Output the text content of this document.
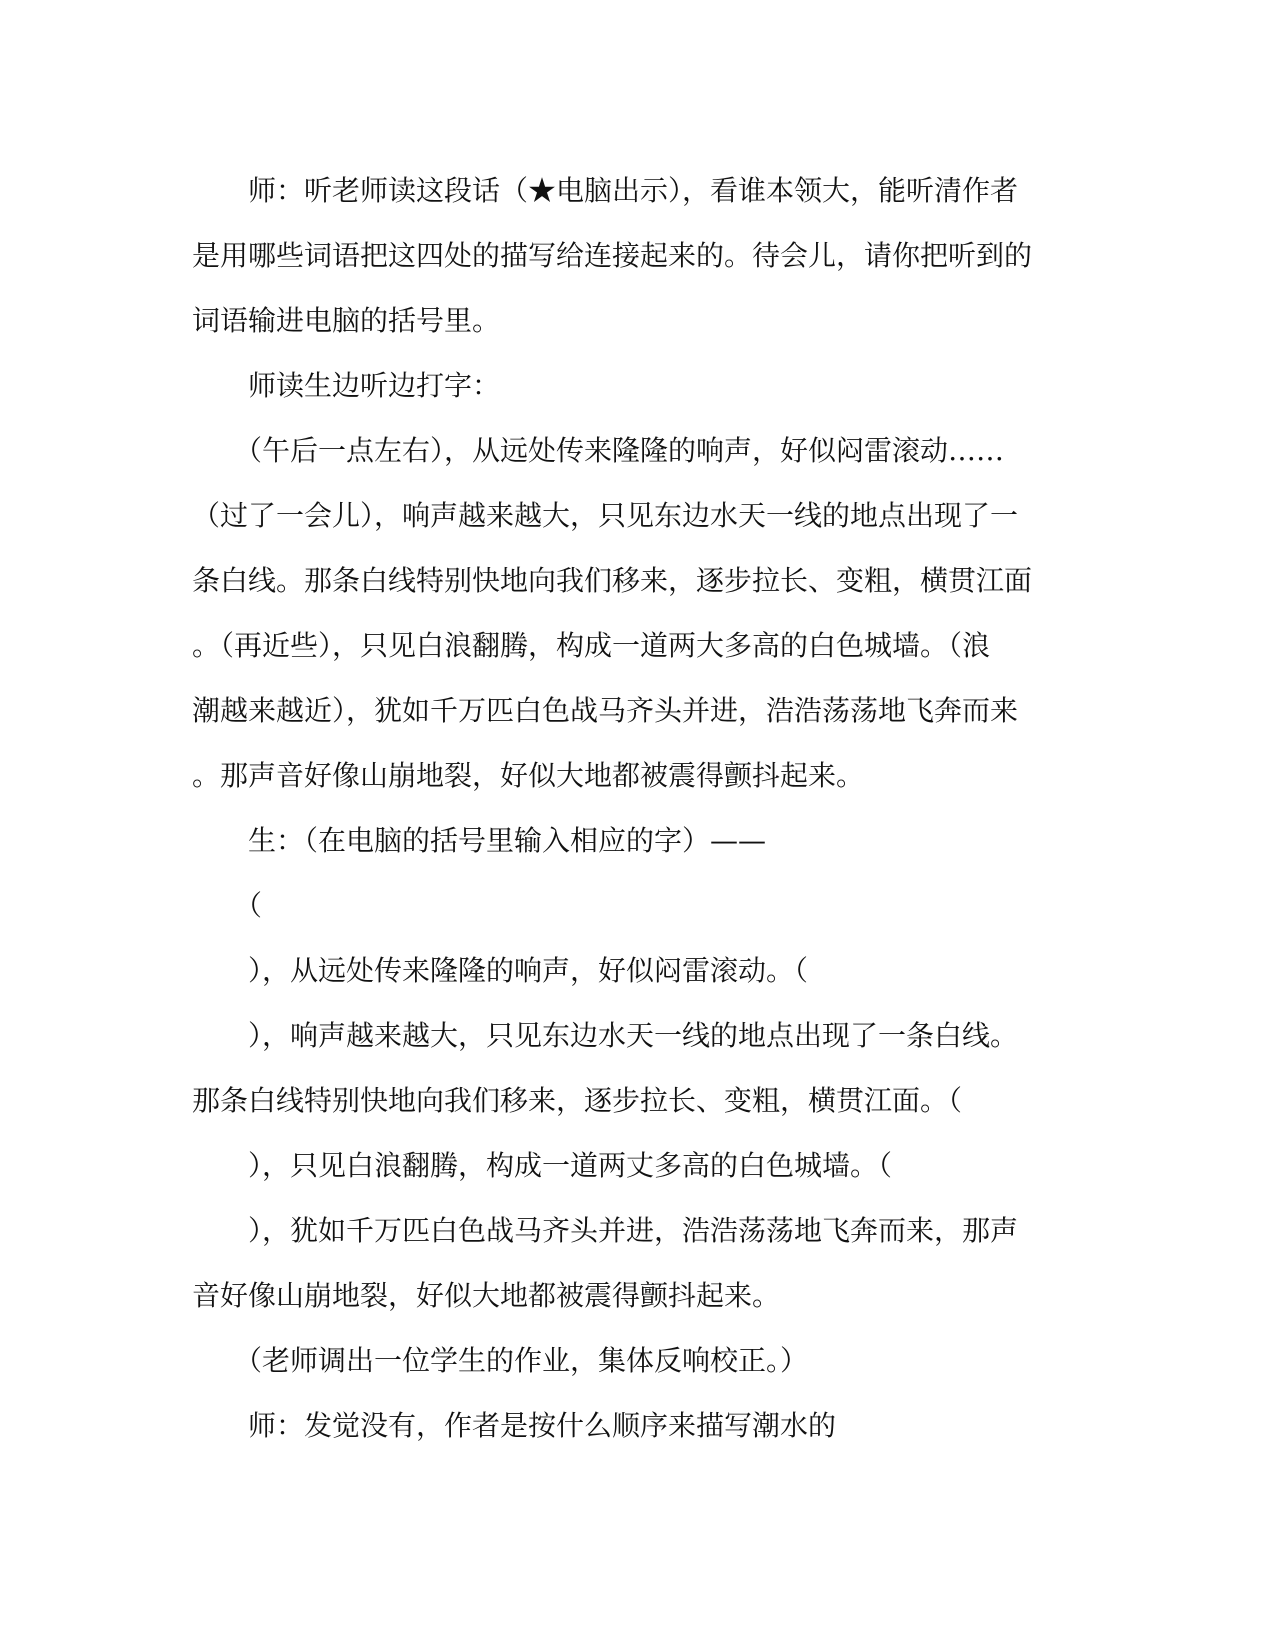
　　师：听老师读这段话（★电脑出示），看谁本领大，能听清作者

是用哪些词语把这四处的描写给连接起来的。待会儿，请你把听到的

词语输进电脑的括号里。

　　师读生边听边打字：

　　（午后一点左右），从远处传来隆隆的响声，好似闷雷滚动……

（过了一会儿），响声越来越大，只见东边水天一线的地点出现了一

条白线。那条白线特别快地向我们移来，逐步拉长、变粗，横贯江面

。（再近些），只见白浪翻腾，构成一道两大多高的白色城墙。（浪

潮越来越近），犹如千万匹白色战马齐头并进，浩浩荡荡地飞奔而来

。那声音好像山崩地裂，好似大地都被震得颤抖起来。

　　生：（在电脑的括号里输入相应的字）——

　　（

　　），从远处传来隆隆的响声，好似闷雷滚动。（

　　），响声越来越大，只见东边水天一线的地点出现了一条白线。

那条白线特别快地向我们移来，逐步拉长、变粗，横贯江面。（

　　），只见白浪翻腾，构成一道两丈多高的白色城墙。（

　　），犹如千万匹白色战马齐头并进，浩浩荡荡地飞奔而来，那声

音好像山崩地裂，好似大地都被震得颤抖起来。

　　（老师调出一位学生的作业，集体反响校正。）

　　师：发觉没有，作者是按什么顺序来描写潮水的
